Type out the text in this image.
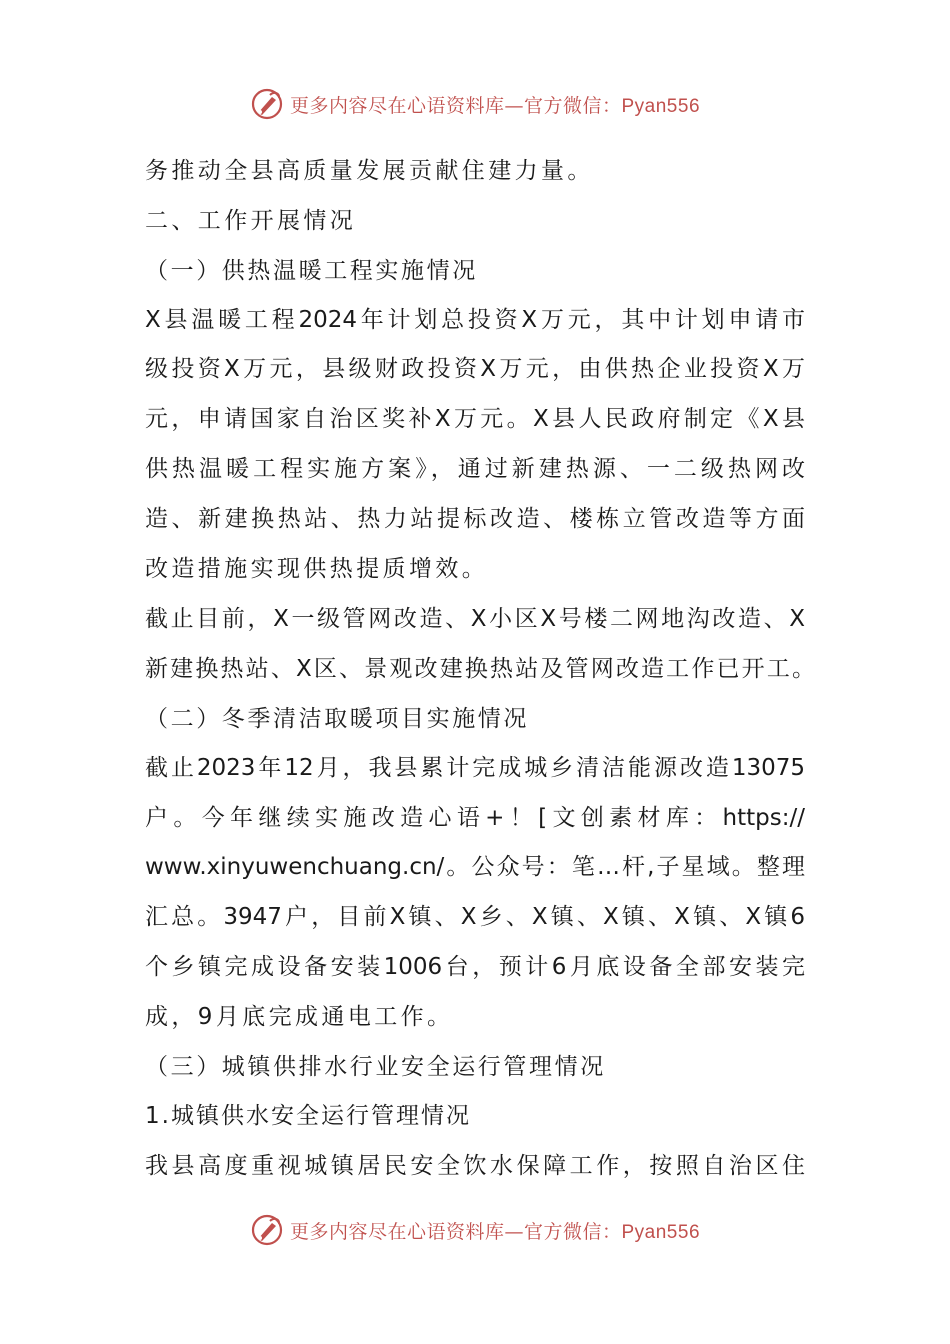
更多内容尽在心语资料库—官方微信：Pyan556
务推动全县高质量发展贡献住建力量。
二、工作开展情况
（一）供热温暖工程实施情况
X县温暖工程2024年计划总投资X万元，其中计划申请市
级投资X万元，县级财政投资X万元，由供热企业投资X万
元，申请国家自治区奖补X万元。X县人民政府制定《X县
供热温暖工程实施方案》，通过新建热源、一二级热网改
造、新建换热站、热力站提标改造、楼栋立管改造等方面
改造措施实现供热提质增效。
截止目前，X一级管网改造、X小区X号楼二网地沟改造、X
新建换热站、X区、景观改建换热站及管网改造工作已开工。
（二）冬季清洁取暖项目实施情况
截止2023年12月，我县累计完成城乡清洁能源改造13075
户。今年继续实施改造心语+！[文创素材库：https://
www.xinyuwenchuang.cn/。公众号：笔…杆,子星域。整理
汇总。3947户，目前X镇、X乡、X镇、X镇、X镇、X镇6
个乡镇完成设备安装1006台，预计6月底设备全部安装完
成，9月底完成通电工作。
（三）城镇供排水行业安全运行管理情况
1.城镇供水安全运行管理情况
我县高度重视城镇居民安全饮水保障工作，按照自治区住
更多内容尽在心语资料库—官方微信：Pyan556
